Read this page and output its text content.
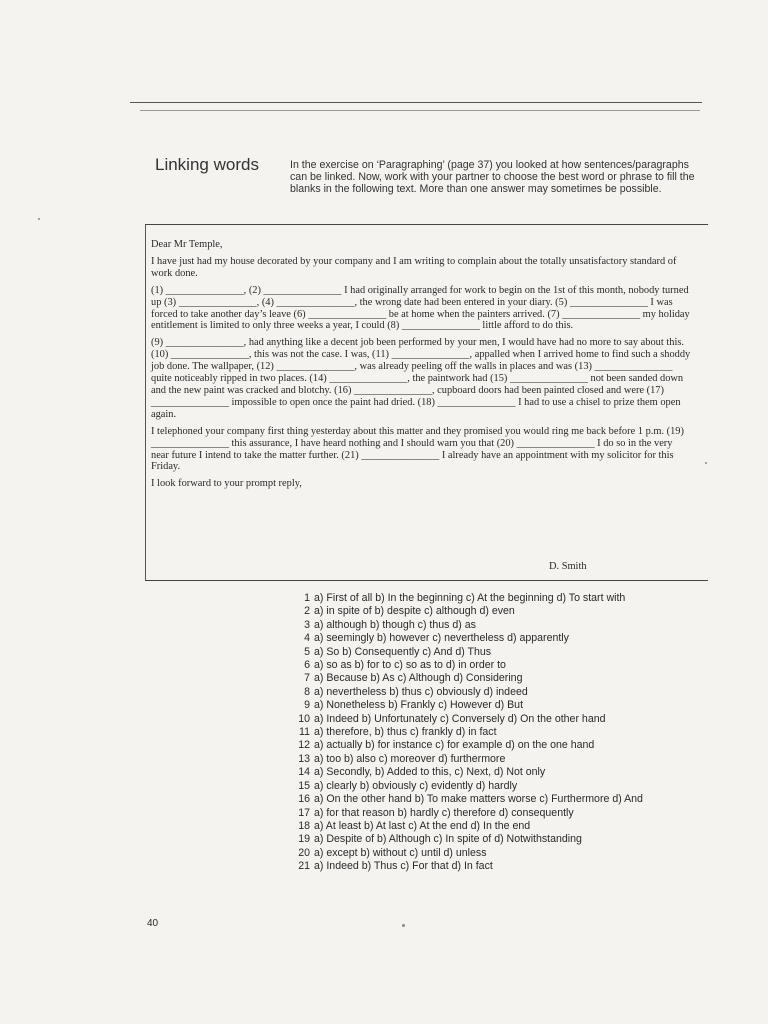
Linking words	In the exercise on ‘Paragraphing’ (page 37) you looked at how sentences/paragraphs can be linked. Now, work with your partner to choose the best word or phrase to fill the blanks in the following text. More than one answer may sometimes be possible.

Dear Mr Temple,

I have just had my house decorated by your company and I am writing to complain about the totally unsatisfactory standard of work done.

(1) _______________, (2) _______________ I had originally arranged for work to begin on the 1st of this month, nobody turned up (3) _______________, (4) _______________, the wrong date had been entered in your diary. (5) _______________ I was forced to take another day’s leave (6) _______________ be at home when the painters arrived. (7) _______________ my holiday entitlement is limited to only three weeks a year, I could (8) _______________ little afford to do this.

(9) _______________, had anything like a decent job been performed by your men, I would have had no more to say about this. (10) _______________, this was not the case. I was, (11) _______________, appalled when I arrived home to find such a shoddy job done. The wallpaper, (12) _______________, was already peeling off the walls in places and was (13) _______________ quite noticeably ripped in two places. (14) _______________, the paintwork had (15) _______________ not been sanded down and the new paint was cracked and blotchy. (16) _______________, cupboard doors had been painted closed and were (17) _______________ impossible to open once the paint had dried. (18) _______________ I had to use a chisel to prize them open again.

I telephoned your company first thing yesterday about this matter and they promised you would ring me back before 1 p.m. (19) _______________ this assurance, I have heard nothing and I should warn you that (20) _______________ I do so in the very near future I intend to take the matter further. (21) _______________ I already have an appointment with my solicitor for this Friday.

I look forward to your prompt reply,

D. Smith
1 a) First of all b) In the beginning c) At the beginning d) To start with
2 a) in spite of b) despite c) although d) even
3 a) although b) though c) thus d) as
4 a) seemingly b) however c) nevertheless d) apparently
5 a) So b) Consequently c) And d) Thus
6 a) so as b) for to c) so as to d) in order to
7 a) Because b) As c) Although d) Considering
8 a) nevertheless b) thus c) obviously d) indeed
9 a) Nonetheless b) Frankly c) However d) But
10 a) Indeed b) Unfortunately c) Conversely d) On the other hand
11 a) therefore, b) thus c) frankly d) in fact
12 a) actually b) for instance c) for example d) on the one hand
13 a) too b) also c) moreover d) furthermore
14 a) Secondly, b) Added to this, c) Next, d) Not only
15 a) clearly b) obviously c) evidently d) hardly
16 a) On the other hand b) To make matters worse c) Furthermore d) And
17 a) for that reason b) hardly c) therefore d) consequently
18 a) At least b) At last c) At the end d) In the end
19 a) Despite of b) Although c) In spite of d) Notwithstanding
20 a) except b) without c) until d) unless
21 a) Indeed b) Thus c) For that d) In fact
40
